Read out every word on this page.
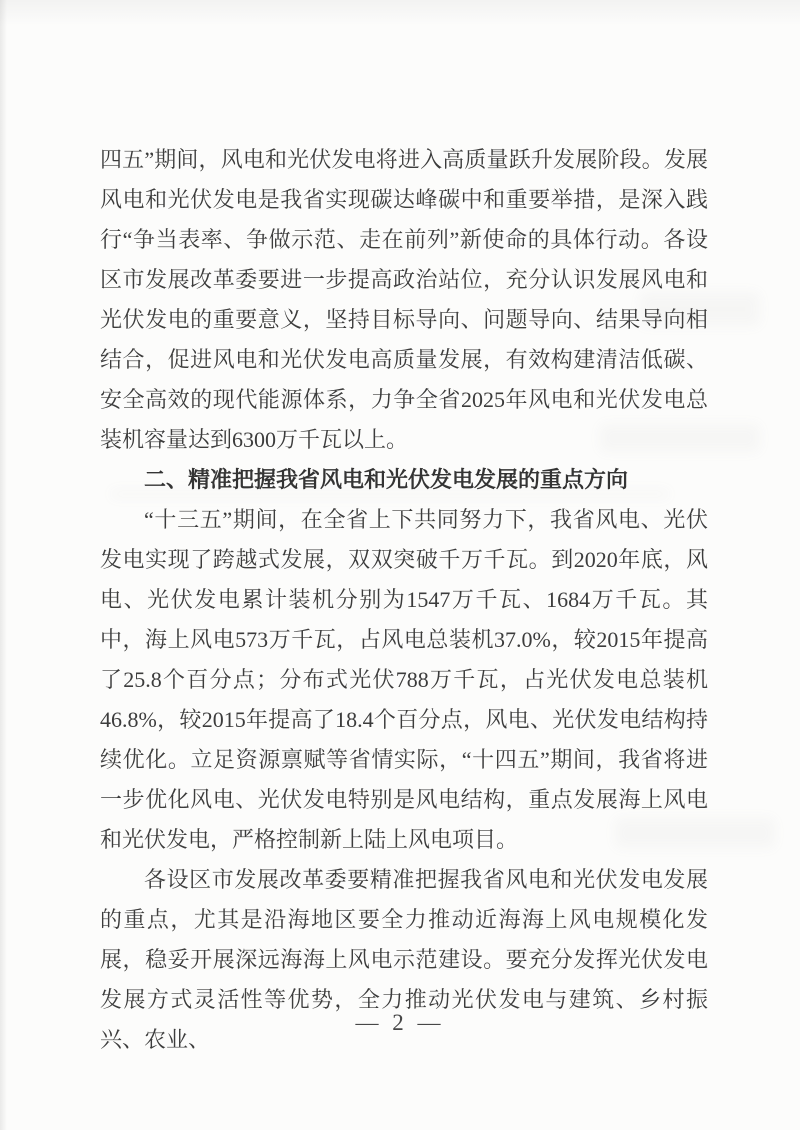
四五”期间，风电和光伏发电将进入高质量跃升发展阶段。发展风电和光伏发电是我省实现碳达峰碳中和重要举措，是深入践行“争当表率、争做示范、走在前列”新使命的具体行动。各设区市发展改革委要进一步提高政治站位，充分认识发展风电和光伏发电的重要意义，坚持目标导向、问题导向、结果导向相结合，促进风电和光伏发电高质量发展，有效构建清洁低碳、安全高效的现代能源体系，力争全省2025年风电和光伏发电总装机容量达到6300万千瓦以上。

二、精准把握我省风电和光伏发电发展的重点方向

“十三五”期间，在全省上下共同努力下，我省风电、光伏发电实现了跨越式发展，双双突破千万千瓦。到2020年底，风电、光伏发电累计装机分别为1547万千瓦、1684万千瓦。其中，海上风电573万千瓦，占风电总装机37.0%，较2015年提高了25.8个百分点；分布式光伏788万千瓦，占光伏发电总装机46.8%，较2015年提高了18.4个百分点，风电、光伏发电结构持续优化。立足资源禀赋等省情实际，“十四五”期间，我省将进一步优化风电、光伏发电特别是风电结构，重点发展海上风电和光伏发电，严格控制新上陆上风电项目。

各设区市发展改革委要精准把握我省风电和光伏发电发展的重点，尤其是沿海地区要全力推动近海海上风电规模化发展，稳妥开展深远海海上风电示范建设。要充分发挥光伏发电发展方式灵活性等优势，全力推动光伏发电与建筑、乡村振兴、农业、

— 2 —
